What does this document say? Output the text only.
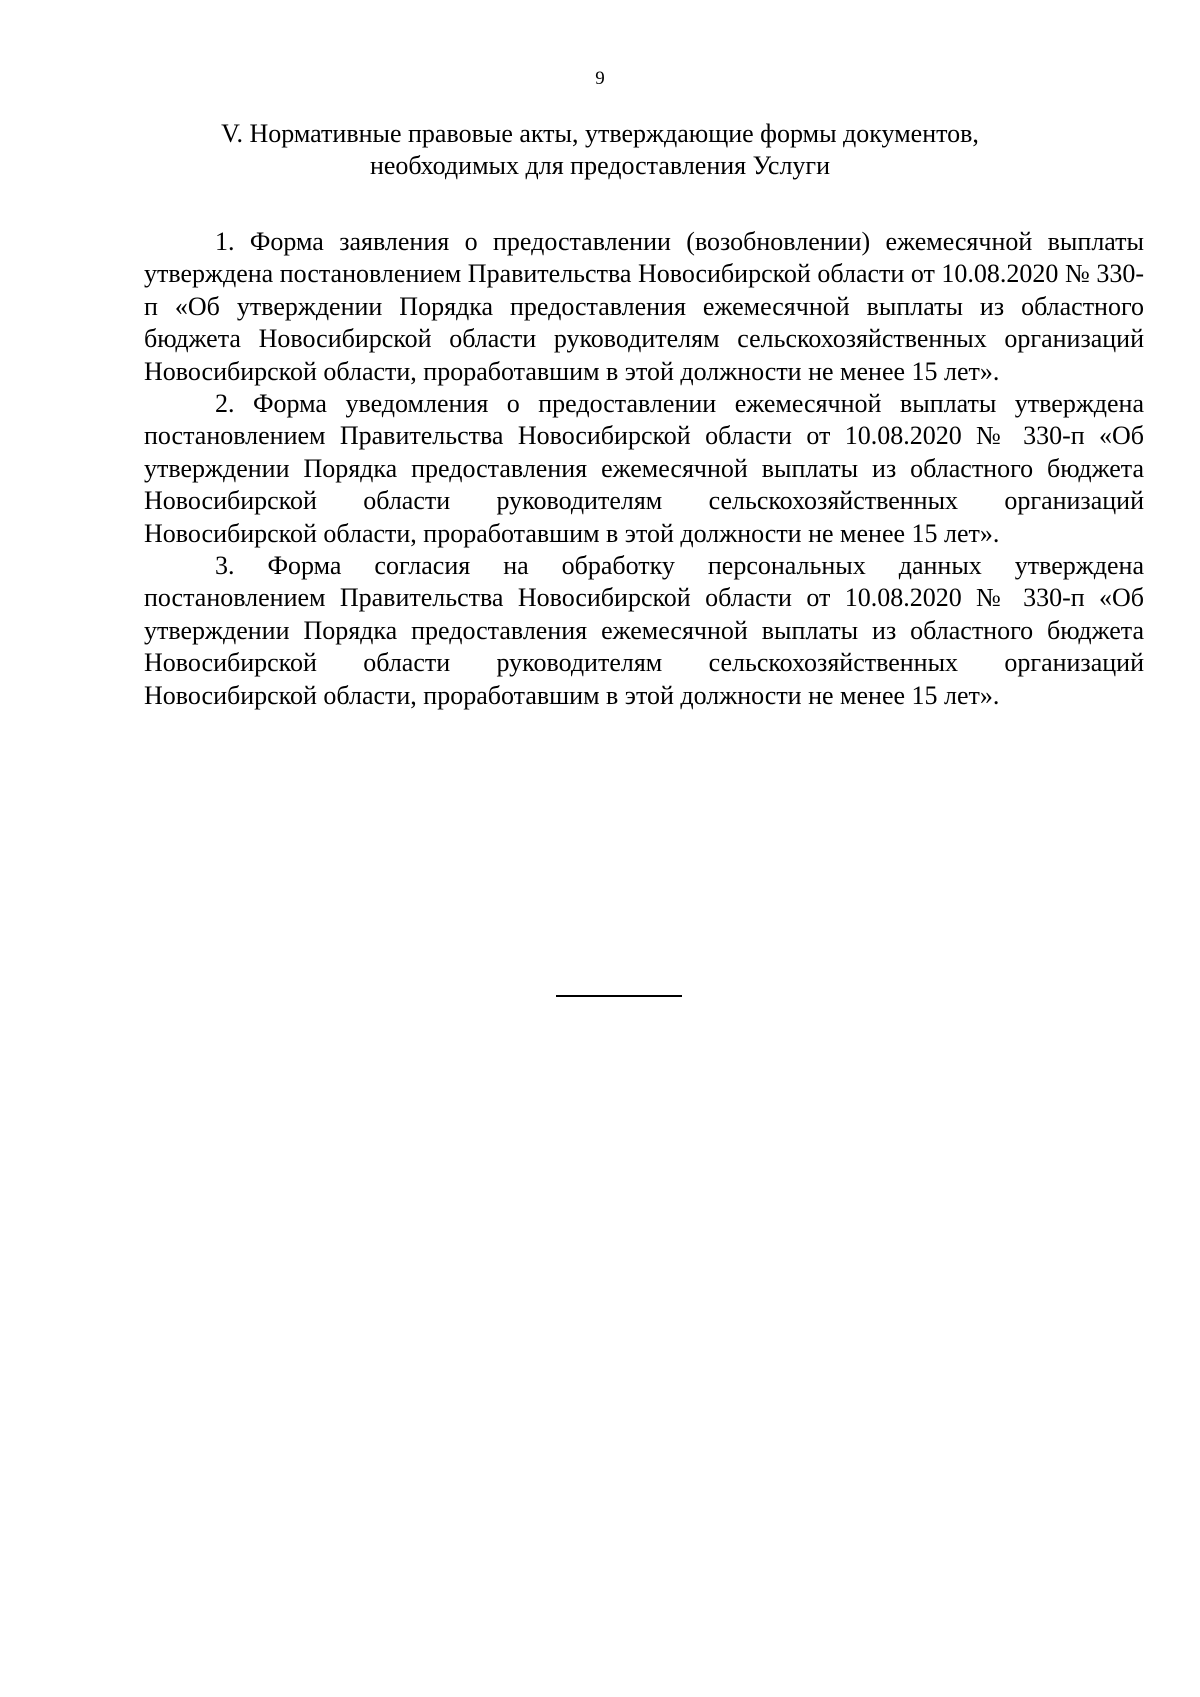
9
V. Нормативные правовые акты, утверждающие формы документов,
необходимых для предоставления Услуги

1. Форма заявления о предоставлении (возобновлении) ежемесячной выплаты утверждена постановлением Правительства Новосибирской области от 10.08.2020 № 330-п «Об утверждении Порядка предоставления ежемесячной выплаты из областного бюджета Новосибирской области руководителям сельскохозяйственных организаций Новосибирской области, проработавшим в этой должности не менее 15 лет».

2. Форма уведомления о предоставлении ежемесячной выплаты утверждена постановлением Правительства Новосибирской области от 10.08.2020 № 330-п «Об утверждении Порядка предоставления ежемесячной выплаты из областного бюджета Новосибирской области руководителям сельскохозяйственных организаций Новосибирской области, проработавшим в этой должности не менее 15 лет».

3. Форма согласия на обработку персональных данных утверждена постановлением Правительства Новосибирской области от 10.08.2020 № 330-п «Об утверждении Порядка предоставления ежемесячной выплаты из областного бюджета Новосибирской области руководителям сельскохозяйственных организаций Новосибирской области, проработавшим в этой должности не менее 15 лет».
